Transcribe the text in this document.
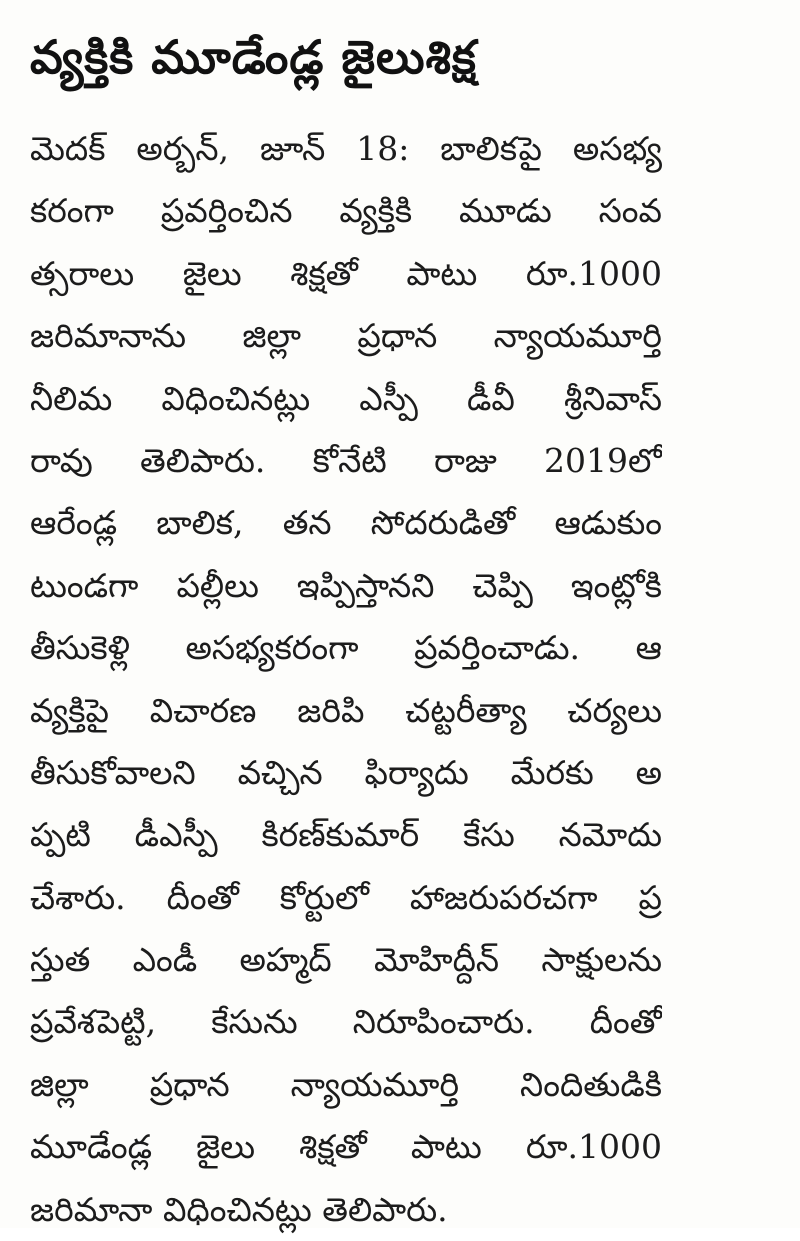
వ్యక్తికి మూడేండ్ల జైలుశిక్ష
మెదక్ అర్బన్, జూన్ 18: బాలికపై అసభ్య
కరంగా ప్రవర్తించిన వ్యక్తికి మూడు సంవ
త్సరాలు జైలు శిక్షతో పాటు రూ.1000
జరిమానాను జిల్లా ప్రధాన న్యాయమూర్తి
నీలిమ విధించినట్లు ఎస్పీ డీవీ శ్రీనివాస్
రావు తెలిపారు. కోనేటి రాజు 2019లో
ఆరేండ్ల బాలిక, తన సోదరుడితో ఆడుకుం
టుండగా పల్లీలు ఇప్పిస్తానని చెప్పి ఇంట్లోకి
తీసుకెళ్లి అసభ్యకరంగా ప్రవర్తించాడు. ఆ
వ్యక్తిపై విచారణ జరిపి చట్టరీత్యా చర్యలు
తీసుకోవాలని వచ్చిన ఫిర్యాదు మేరకు అ
ప్పటి డీఎస్పీ కిరణ్‌కుమార్ కేసు నమోదు
చేశారు. దీంతో కోర్టులో హాజరుపరచగా ప్ర
స్తుత ఎండీ అహ్మద్ మోహిద్దీన్ సాక్షులను
ప్రవేశపెట్టి, కేసును నిరూపించారు. దీంతో
జిల్లా ప్రధాన న్యాయమూర్తి నిందితుడికి
మూడేండ్ల జైలు శిక్షతో పాటు రూ.1000
జరిమానా విధించినట్లు తెలిపారు.
